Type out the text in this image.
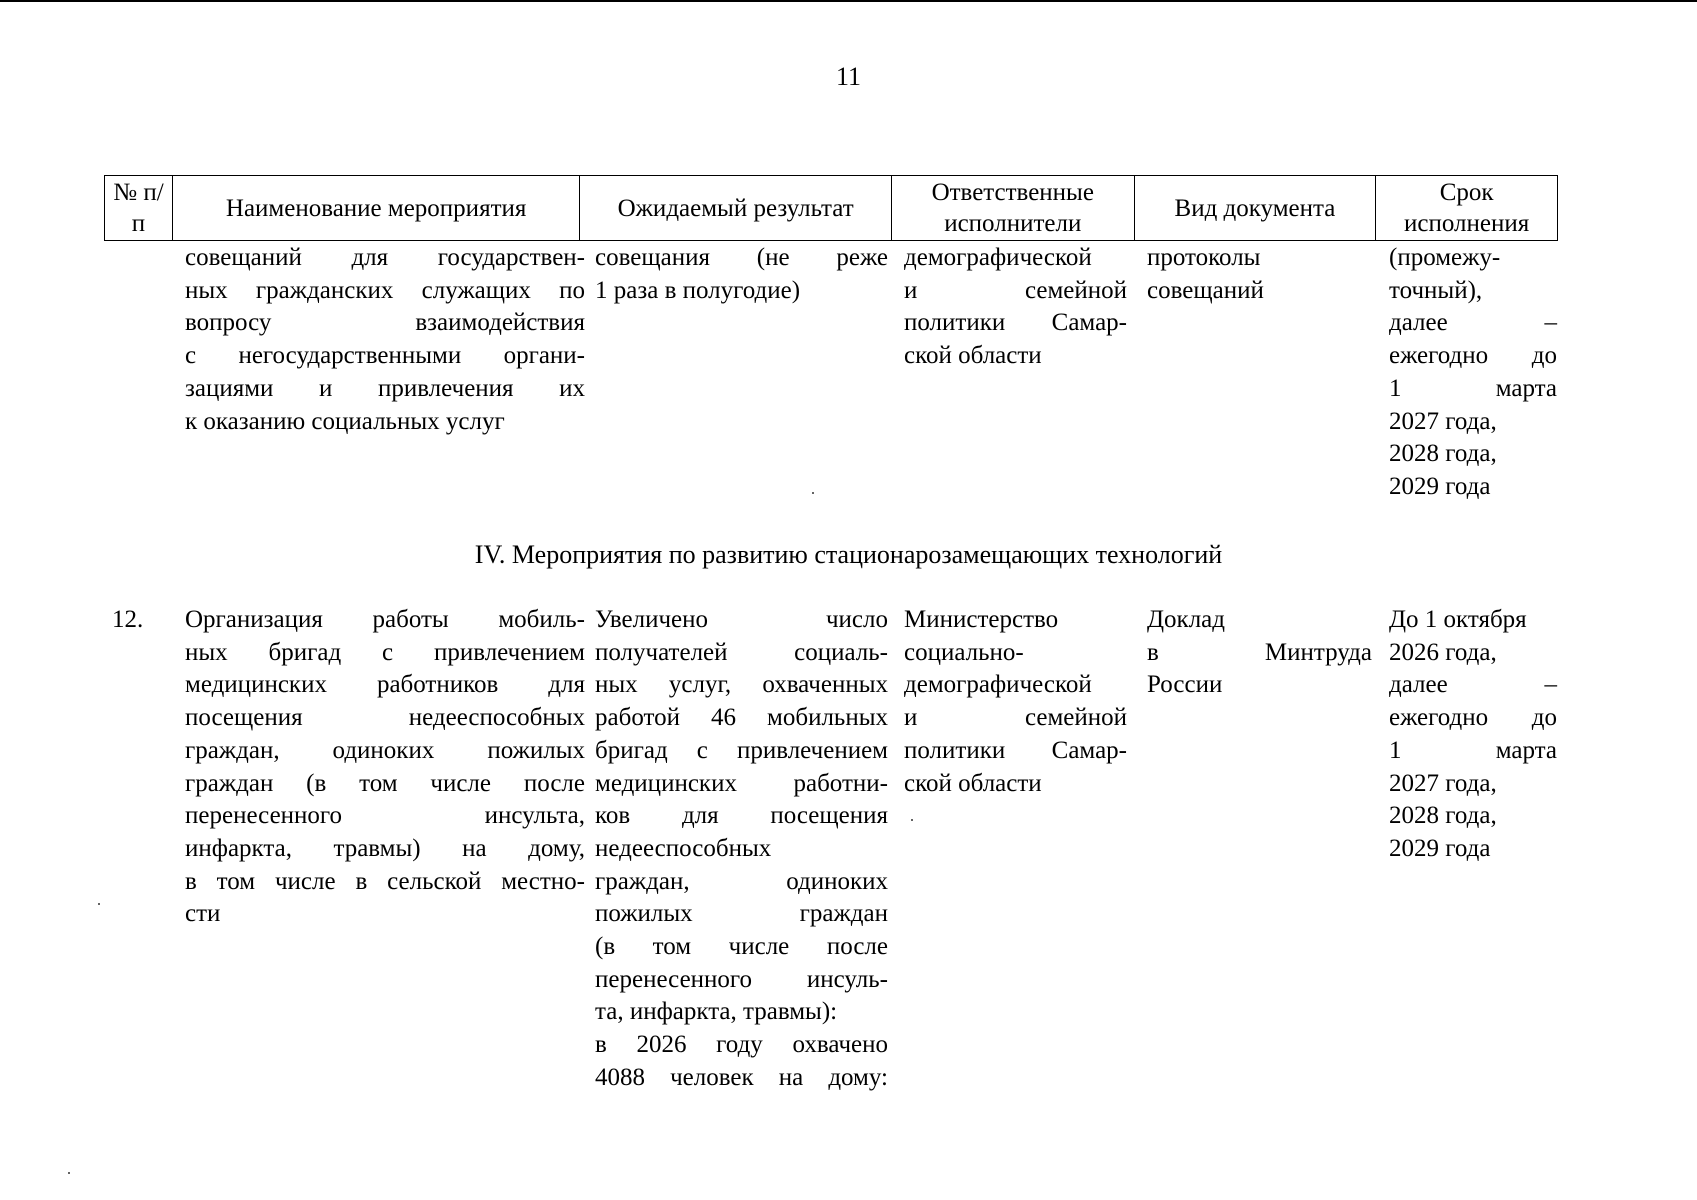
11
№ п/п
Наименование мероприятия	Ожидаемый результат
Ответственные исполнители
Вид документа
Срок исполнения
совещаний для государствен-
ных гражданских служащих по
вопросу взаимодействия
с негосударственными органи-
зациями и привлечения их
к оказанию социальных услуг
совещания (не реже
1 раза в полугодие)
демографической
и семейной
политики Самар-
ской области
протоколы
совещаний
(промежу-
точный),
далее –
ежегодно до
1 марта
2027 года,
2028 года,
2029 года
IV. Мероприятия по развитию стационарозамещающих технологий
12.	Организация работы мобиль-
ных бригад с привлечением
медицинских работников для
посещения недееспособных
граждан, одиноких пожилых
граждан (в том числе после
перенесенного инсульта,
инфаркта, травмы) на дому,
в том числе в сельской местно-
сти
Увеличено число
получателей социаль-
ных услуг, охваченных
работой 46 мобильных
бригад с привлечением
медицинских работни-
ков для посещения
недееспособных
граждан, одиноких
пожилых граждан
(в том числе после
перенесенного инсуль-
та, инфаркта, травмы):
в 2026 году охвачено
4088 человек на дому:
Министерство
социально-
демографической
и семейной
политики Самар-
ской области
Доклад
в Минтруда
России
До 1 октября
2026 года,
далее –
ежегодно до
1 марта
2027 года,
2028 года,
2029 года
